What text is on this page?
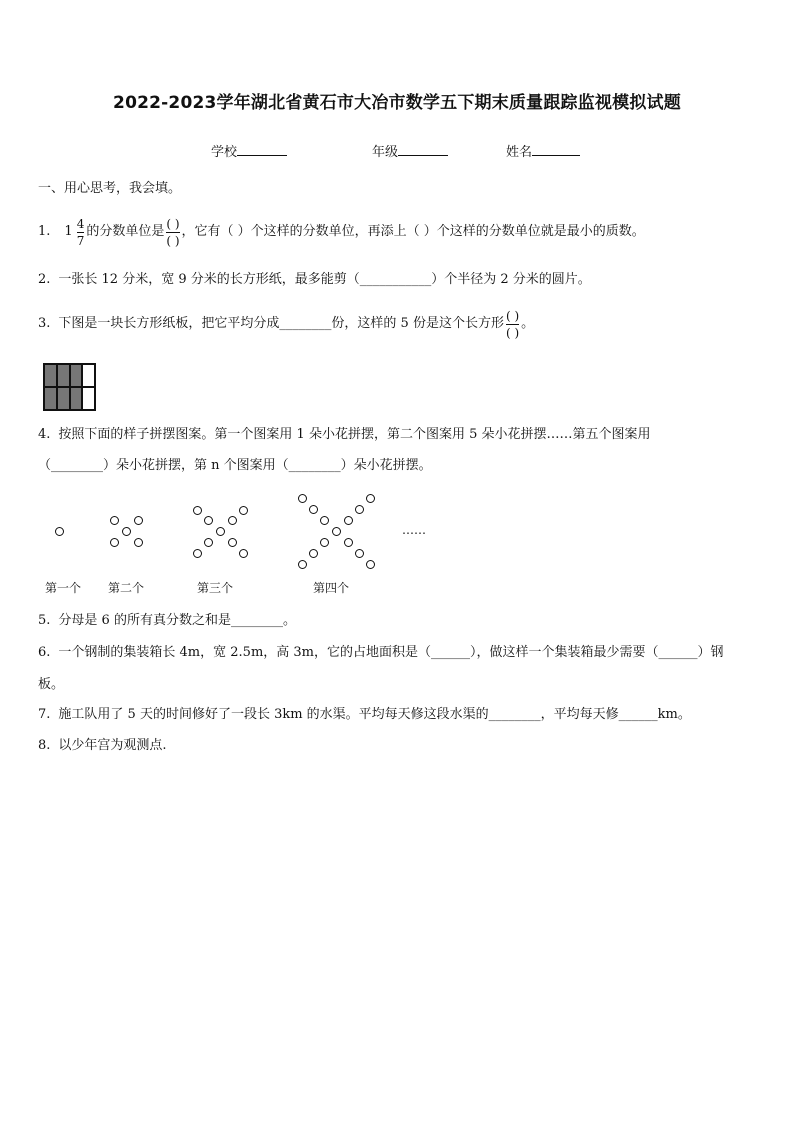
2022-2023学年湖北省黄石市大冶市数学五下期末质量跟踪监视模拟试题
学校	年级	姓名
一、用心思考，我会填。
1. $1 \frac{4}{7}$ 的分数单位是 $\frac{( )}{( )}$ ，它有（ ）个这样的分数单位，再添上（ ）个这样的分数单位就是最小的质数。
2. 一张长 12 分米，宽 9 分米的长方形纸，最多能剪（___________）个半径为 2 分米的圆片。
3. 下图是一块长方形纸板，把它平均分成________份，这样的 5 份是这个长方形 $\frac{( )}{( )}$ 。
4. 按照下面的样子拼摆图案。第一个图案用 1 朵小花拼摆，第二个图案用 5 朵小花拼摆……第五个图案用
（________）朵小花拼摆，第 n 个图案用（________）朵小花拼摆。
……
第一个 第二个	第三个	第四个
5. 分母是 6 的所有真分数之和是________。
6. 一个钢制的集装箱长 4m，宽 2.5m，高 3m，它的占地面积是（______），做这样一个集装箱最少需要（______）钢
板。
7. 施工队用了 5 天的时间修好了一段长 3km 的水渠。平均每天修这段水渠的________，平均每天修______km。
8. 以少年宫为观测点.
